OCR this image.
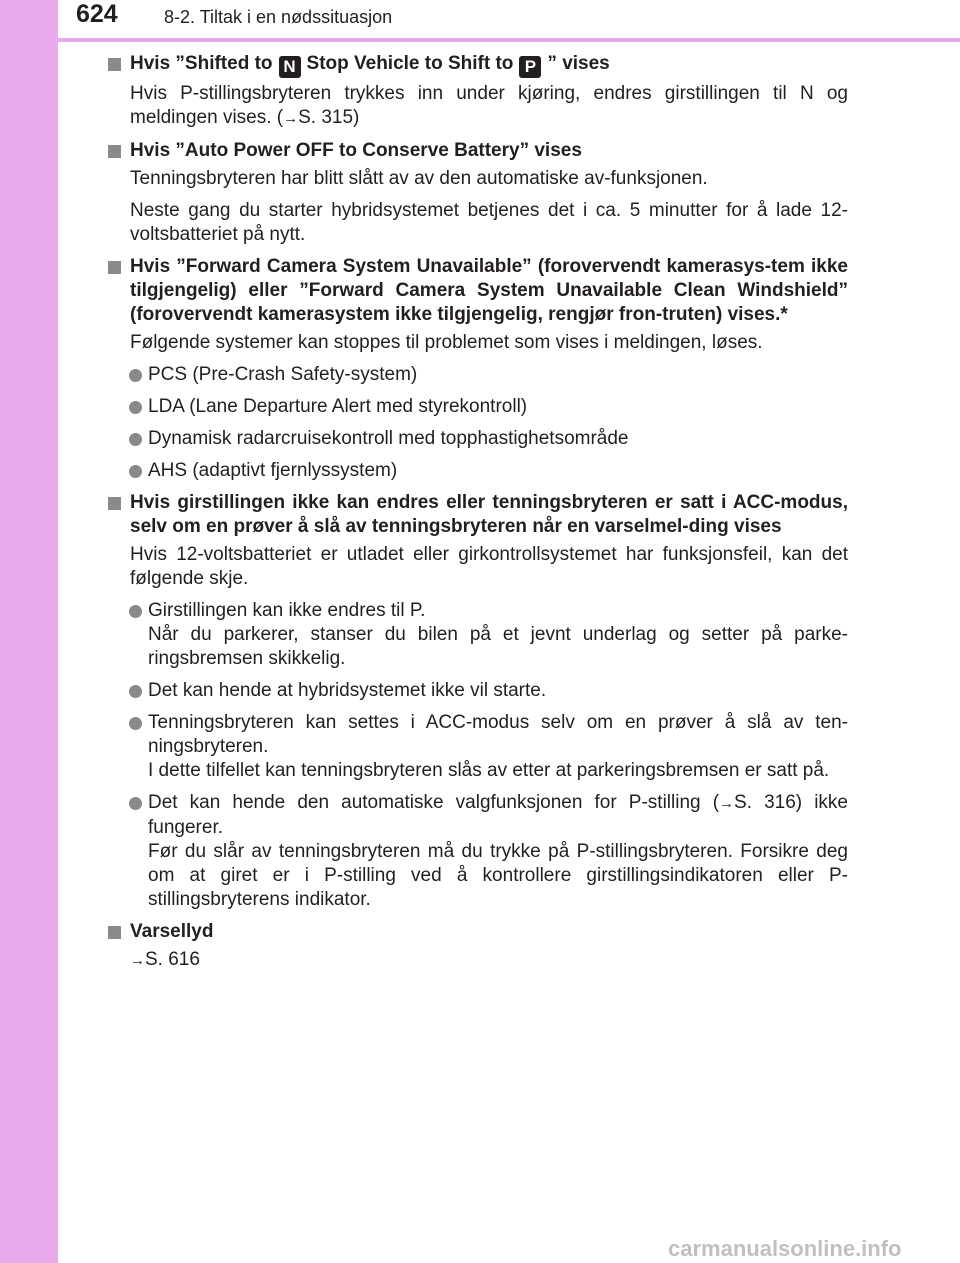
624	8-2. Tiltak i en nødssituasjon
Hvis ”Shifted to N Stop Vehicle to Shift to P ” vises

Hvis P-stillingsbryteren trykkes inn under kjøring, endres girstillingen til N og meldingen vises. (→S. 315)

Hvis ”Auto Power OFF to Conserve Battery” vises

Tenningsbryteren har blitt slått av av den automatiske av-funksjonen.

Neste gang du starter hybridsystemet betjenes det i ca. 5 minutter for å lade 12-voltsbatteriet på nytt.

Hvis ”Forward Camera System Unavailable” (forovervendt kamerasys-tem ikke tilgjengelig) eller ”Forward Camera System Unavailable Clean Windshield” (forovervendt kamerasystem ikke tilgjengelig, rengjør fron-truten) vises.*

Følgende systemer kan stoppes til problemet som vises i meldingen, løses.

PCS (Pre-Crash Safety-system)
LDA (Lane Departure Alert med styrekontroll)
Dynamisk radarcruisekontroll med topphastighetsområde
AHS (adaptivt fjernlyssystem)
Hvis girstillingen ikke kan endres eller tenningsbryteren er satt i ACC-modus, selv om en prøver å slå av tenningsbryteren når en varselmel-ding vises

Hvis 12-voltsbatteriet er utladet eller girkontrollsystemet har funksjonsfeil, kan det følgende skje.

Girstillingen kan ikke endres til P.
Når du parkerer, stanser du bilen på et jevnt underlag og setter på parke-ringsbremsen skikkelig.
Det kan hende at hybridsystemet ikke vil starte.
Tenningsbryteren kan settes i ACC-modus selv om en prøver å slå av ten-ningsbryteren.
I dette tilfellet kan tenningsbryteren slås av etter at parkeringsbremsen er satt på.
Det kan hende den automatiske valgfunksjonen for P-stilling (→S. 316) ikke fungerer.
Før du slår av tenningsbryteren må du trykke på P-stillingsbryteren. Forsikre deg om at giret er i P-stilling ved å kontrollere girstillingsindikatoren eller P-stillingsbryterens indikator.
Varsellyd

→S. 616

carmanualsonline.info
